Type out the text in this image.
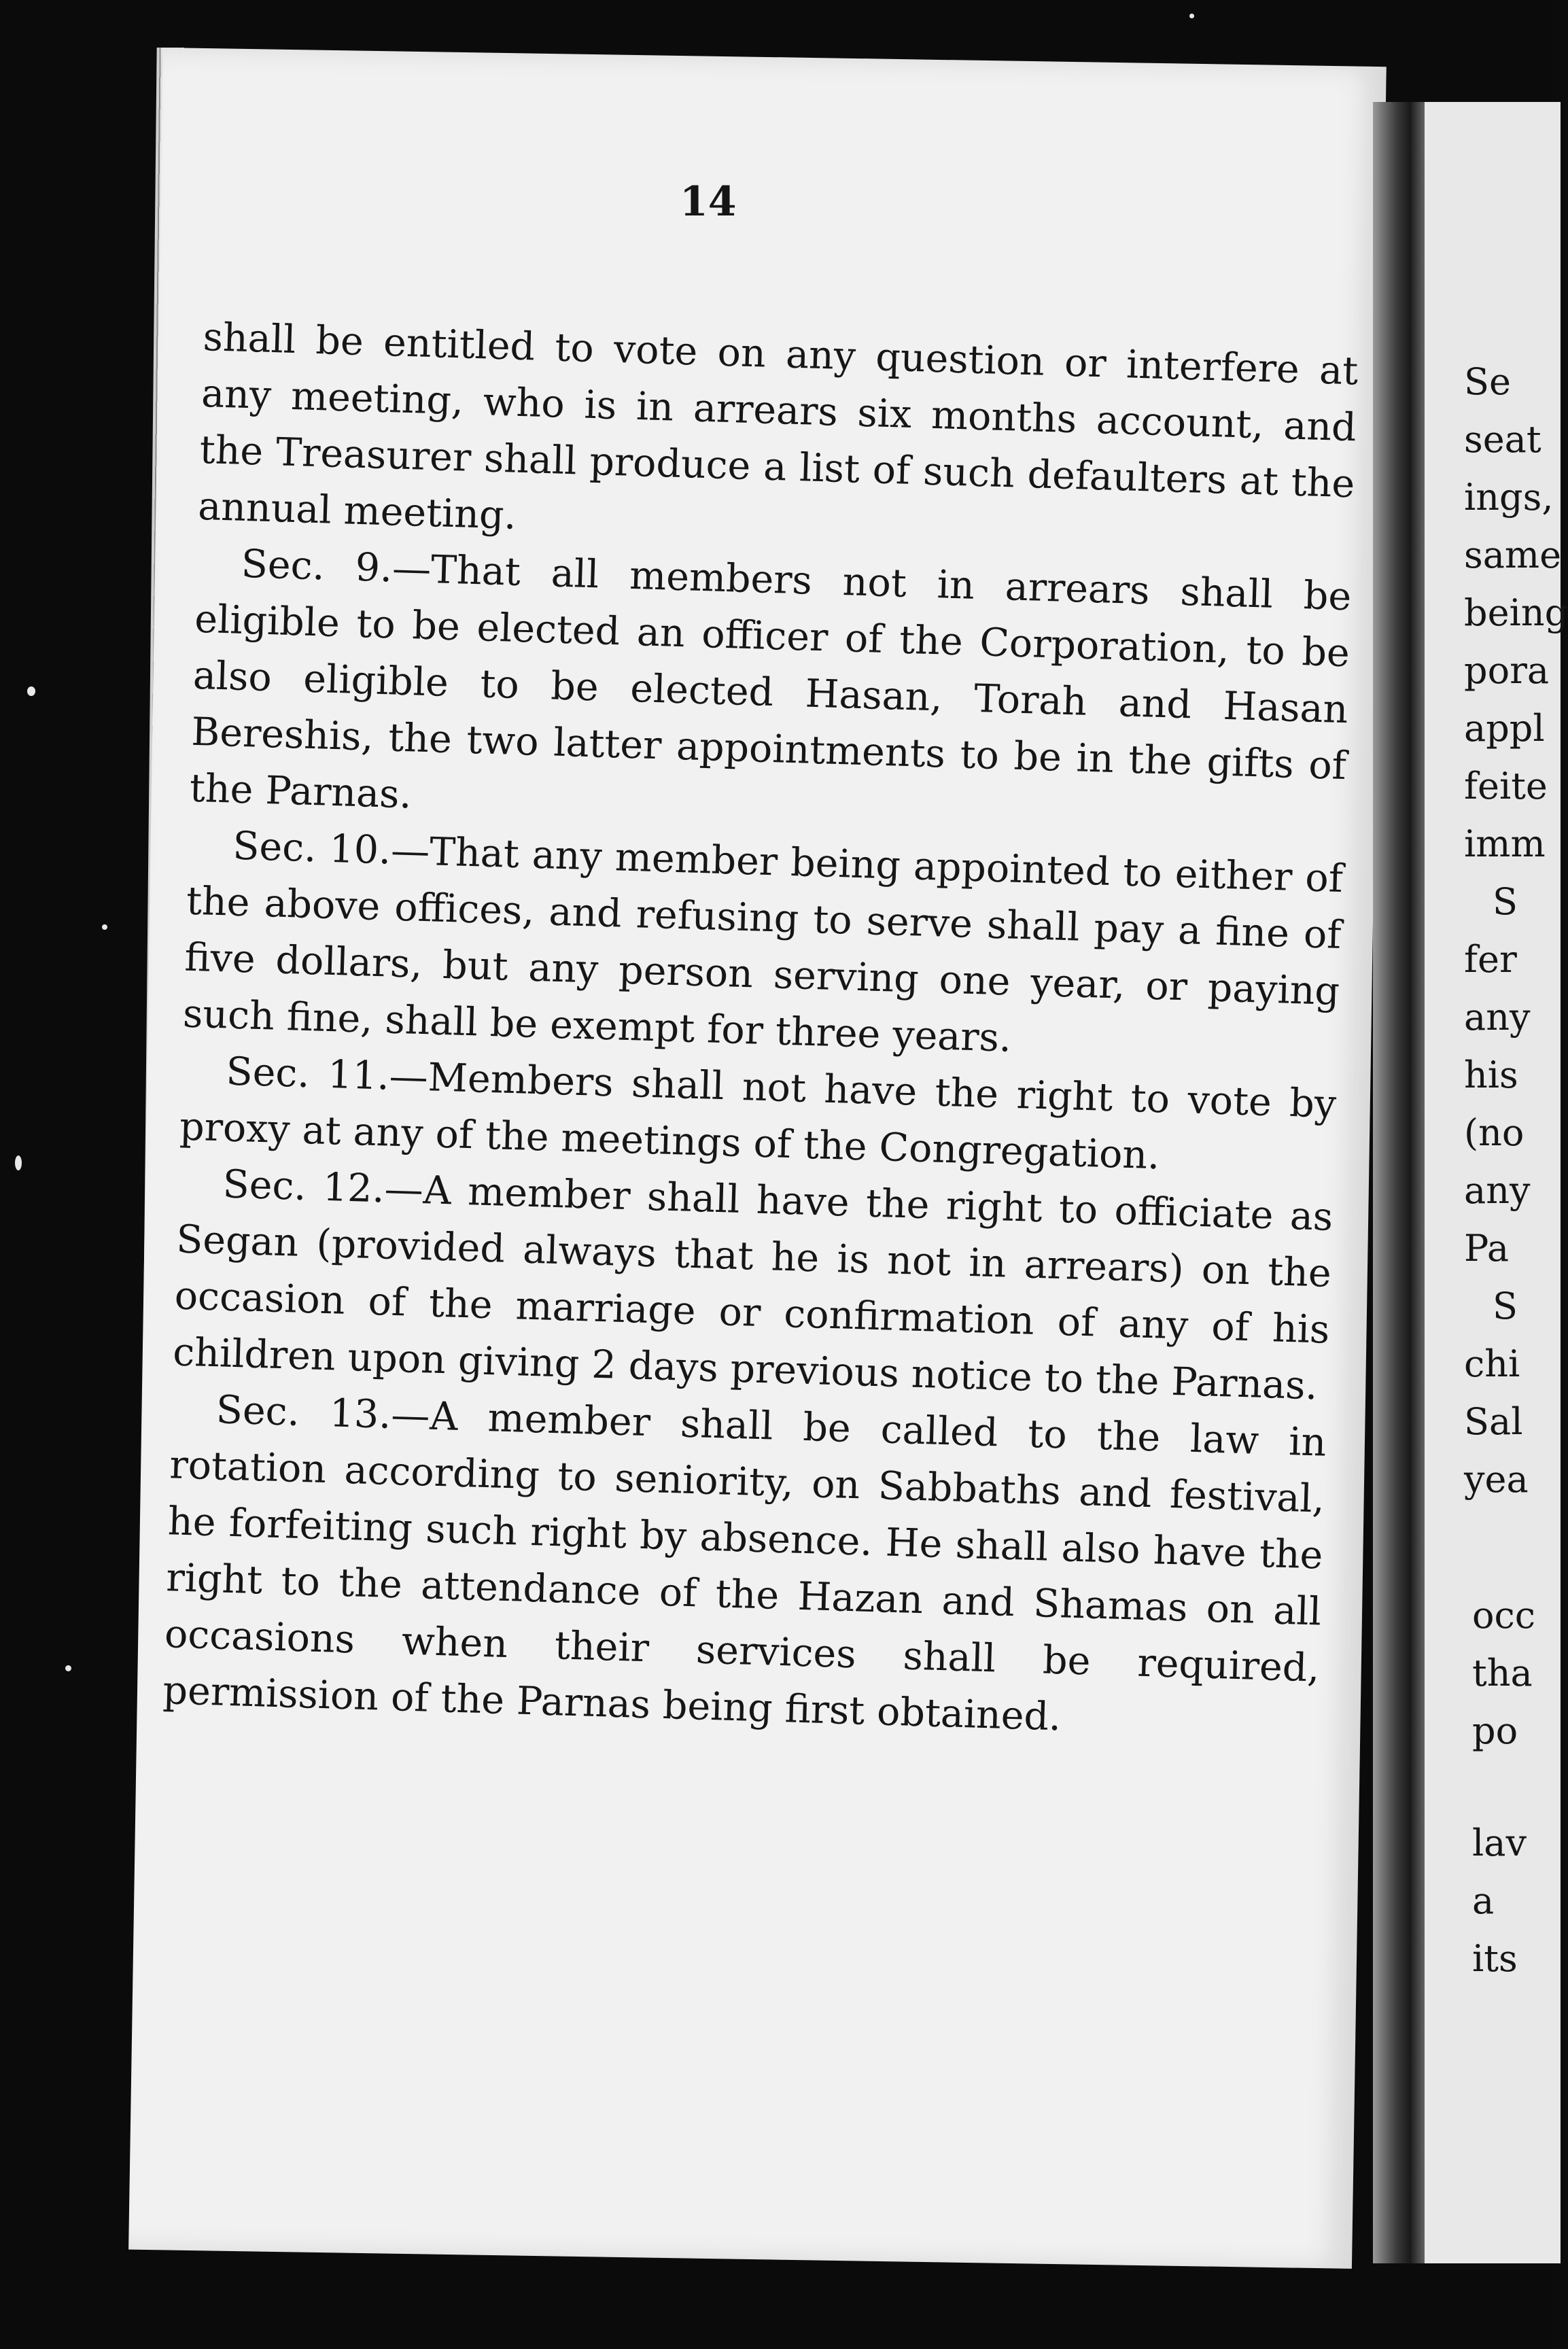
14

shall be entitled to vote on any question or interfere at any meeting, who is in arrears six months account, and the Treasurer shall produce a list of such defaulters at the annual meeting.

Sec. 9.—That all members not in arrears shall be eligible to be elected an officer of the Corporation, to be also eligible to be elected Hasan, Torah and Hasan Bereshis, the two latter appointments to be in the gifts of the Parnas.

Sec. 10.—That any member being appointed to either of the above offices, and refusing to serve shall pay a fine of five dollars, but any person serving one year, or paying such fine, shall be exempt for three years.

Sec. 11.—Members shall not have the right to vote by proxy at any of the meetings of the Congregation.

Sec. 12.—A member shall have the right to officiate as Segan (provided always that he is not in arrears) on the occasion of the marriage or confirmation of any of his children upon giving 2 days previous notice to the Parnas.

Sec. 13.—A member shall be called to the law in rotation according to seniority, on Sabbaths and festival, he forfeiting such right by absence. He shall also have the right to the attendance of the Hazan and Shamas on all occasions when their services shall be required, permission of the Parnas being first obtained.

Se
seat
ings,
same
being
pora
appl
feite
imm
S
fer
any
his
(no
any
Pa
S
chi
Sal
yea
occ
tha
po
lav
a
its
